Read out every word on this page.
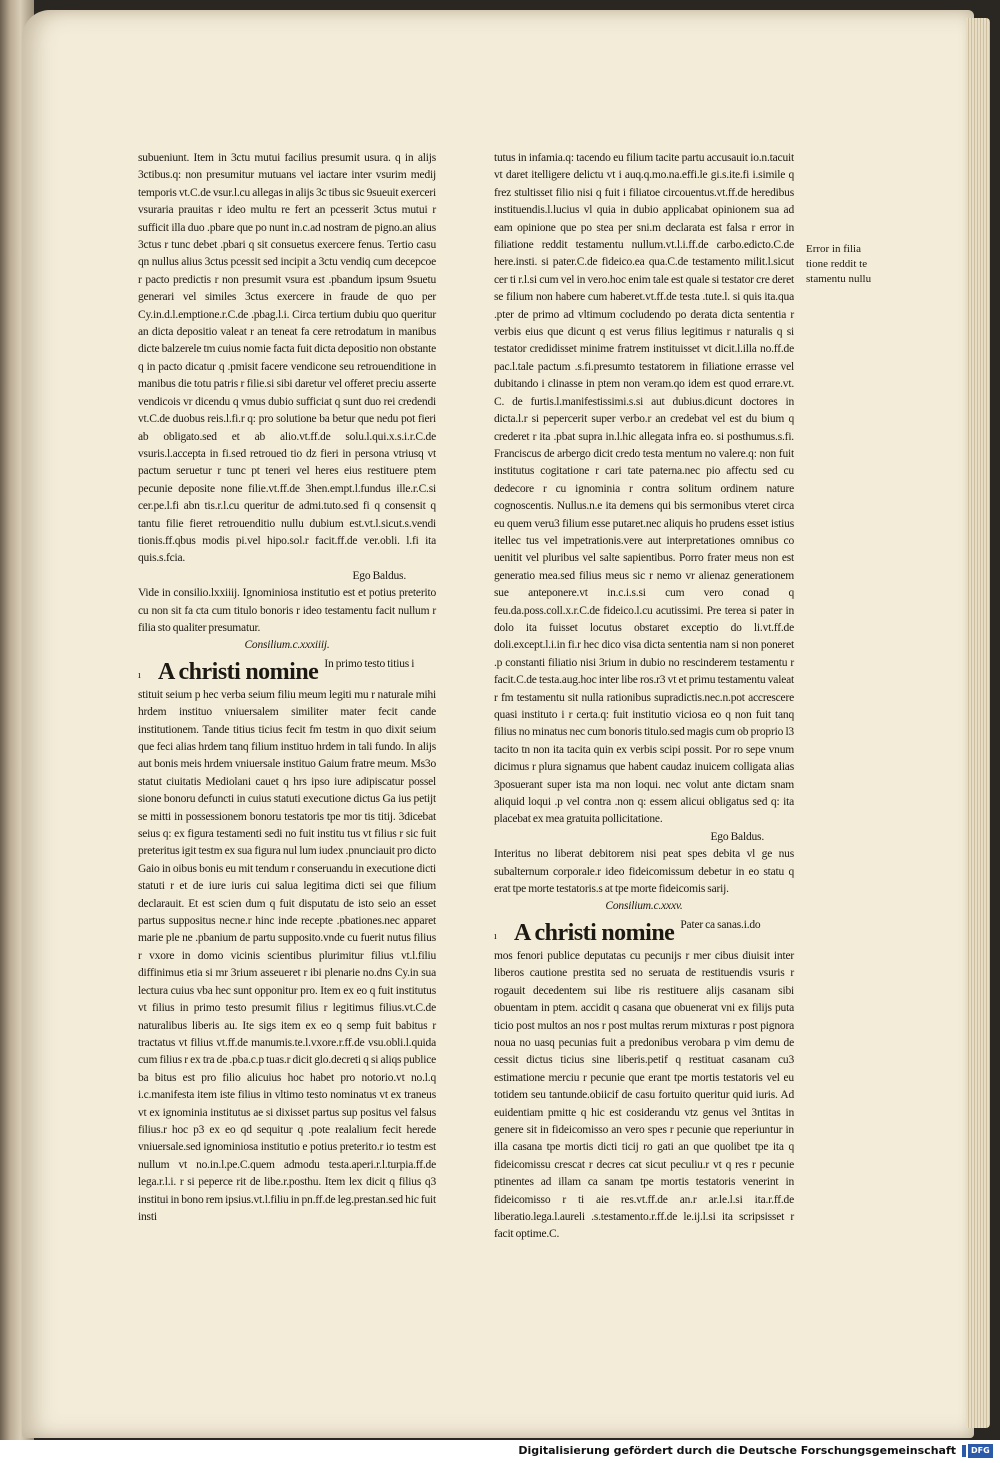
subueniunt. Item in 3ctu mutui facilius presumit usura. q in alijs 3ctibus.q: non presumitur mutuans vel iactare inter vsurim medij temporis vt.C.de vsur.l.cu allegas in alijs 3c tibus sic 9sueuit exerceri vsuraria prauitas r ideo multu re fert an pcesserit 3ctus mutui r sufficit illa duo .pbare que po nunt in.c.ad nostram de pigno.an alius 3ctus r tunc debet .pbari q sit consuetus exercere fenus. Tertio casu qn nullus alius 3ctus pcessit sed incipit a 3ctu vendiq cum decepcoe r pacto predictis r non presumit vsura est .pbandum ipsum 9suetu generari vel similes 3ctus exercere in fraude de quo per Cy.in.d.l.emptione.r.C.de .pbag.l.i. Circa tertium dubiu quo queritur an dicta depositio valeat r an teneat fa cere retrodatum in manibus dicte balzerele tm cuius nomie facta fuit dicta depositio non obstante q in pacto dicatur q .pmisit facere vendicone seu retrouenditione in manibus die totu patris r filie.si sibi daretur vel offeret preciu asserte vendicois vr dicendu q vmus dubio sufficiat q sunt duo rei credendi vt.C.de duobus reis.l.fi.r q: pro solutione ba betur que nedu pot fieri ab obligato.sed et ab alio.vt.ff.de solu.l.qui.x.s.i.r.C.de vsuris.l.accepta in fi.sed retroued tio dz fieri in persona vtriusq vt pactum seruetur r tunc pt teneri vel heres eius restituere ptem pecunie deposite none filie.vt.ff.de 3hen.empt.l.fundus ille.r.C.si cer.pe.l.fi abn tis.r.l.cu queritur de admi.tuto.sed fi q consensit q tantu filie fieret retrouenditio nullu dubium est.vt.l.sicut.s.vendi tionis.ff.qbus modis pi.vel hipo.sol.r facit.ff.de ver.obli. l.fi ita quis.s.fcia.

Ego Baldus.

Vide in consilio.lxxiiij. Ignominiosa institutio est et potius preterito cu non sit fa cta cum titulo bonoris r ideo testamentu facit nullum r filia sto qualiter presumatur.

Consilium.c.xxxiiij.
ı A christi nomine In primo testo titius i

stituit seium p hec verba seium filiu meum legiti mu r naturale mihi hrdem instituo vniuersalem similiter mater fecit cande institutionem. Tande titius ticius fecit fm testm in quo dixit seium que feci alias hrdem tanq filium instituo hrdem in tali fundo. In alijs aut bonis meis hrdem vniuersale instituo Gaium fratre meum. Ms3o statut ciuitatis Mediolani cauet q hrs ipso iure adipiscatur possel sione bonoru defuncti in cuius statuti executione dictus Ga ius petijt se mitti in possessionem bonoru testatoris tpe mor tis titij. 3dicebat seius q: ex figura testamenti sedi no fuit institu tus vt filius r sic fuit preteritus igit testm ex sua figura nul lum iudex .pnunciauit pro dicto Gaio in oibus bonis eu mit tendum r conseruandu in executione dicti statuti r et de iure iuris cui salua legitima dicti sei que filium declarauit. Et est scien dum q fuit disputatu de isto seio an esset partus suppositus necne.r hinc inde recepte .pbationes.nec apparet marie ple ne .pbanium de partu supposito.vnde cu fuerit nutus filius r vxore in domo vicinis scientibus plurimitur filius vt.l.filiu diffinimus etia si mr 3rium asseueret r ibi plenarie no.dns Cy.in sua lectura cuius vba hec sunt opponitur pro. Item ex eo q fuit institutus vt filius in primo testo presumit filius r legitimus filius.vt.C.de naturalibus liberis au. Ite sigs item ex eo q semp fuit babitus r tractatus vt filius vt.ff.de manumis.te.l.vxore.r.ff.de vsu.obli.l.quida cum filius r ex tra de .pba.c.p tuas.r dicit glo.decreti q si aliqs publice ba bitus est pro filio alicuius hoc habet pro notorio.vt no.l.q i.c.manifesta item iste filius in vltimo testo nominatus vt ex traneus vt ex ignominia institutus ae si dixisset partus sup positus vel falsus filius.r hoc p3 ex eo qd sequitur q .pote realalium fecit herede vniuersale.sed ignominiosa institutio e potius preterito.r io testm est nullum vt no.in.l.pe.C.quem admodu testa.aperi.r.l.turpia.ff.de lega.r.l.i. r si peperce rit de libe.r.posthu. Item lex dicit q filius q3 institui in bono rem ipsius.vt.l.filiu in pn.ff.de leg.prestan.sed hic fuit insti

tutus in infamia.q: tacendo eu filium tacite partu accusauit io.n.tacuit vt daret itelligere delictu vt i auq.q.mo.na.effi.le gi.s.ite.fi i.simile q frez stultisset filio nisi q fuit i filiatoe circouentus.vt.ff.de heredibus instituendis.l.lucius vl quia in dubio applicabat opinionem sua ad eam opinione que po stea per sni.m declarata est falsa r error in filiatione reddit testamentu nullum.vt.l.i.ff.de carbo.edicto.C.de here.insti. si pater.C.de fideico.ea qua.C.de testamento milit.l.sicut cer ti r.l.si cum vel in vero.hoc enim tale est quale si testator cre deret se filium non habere cum haberet.vt.ff.de testa .tute.l. si quis ita.qua .pter de primo ad vltimum cocludendo po derata dicta sententia r verbis eius que dicunt q est verus filius legitimus r naturalis q si testator credidisset minime fratrem instituisset vt dicit.l.illa no.ff.de pac.l.tale pactum .s.fi.presumto testatorem in filiatione errasse vel dubitando i clinasse in ptem non veram.qo idem est quod errare.vt. C. de furtis.l.manifestissimi.s.si aut dubius.dicunt doctores in dicta.l.r si pepercerit super verbo.r an credebat vel est du bium q crederet r ita .pbat supra in.l.hic allegata infra eo. si posthumus.s.fi. Franciscus de arbergo dicit credo testa mentum no valere.q: non fuit institutus cogitatione r cari tate paterna.nec pio affectu sed cu dedecore r cu ignominia r contra solitum ordinem nature cognoscentis. Nullus.n.e ita demens qui bis sermonibus vteret circa eu quem veru3 filium esse putaret.nec aliquis ho prudens esset istius itellec tus vel impetrationis.vere aut interpretationes omnibus co uenitit vel pluribus vel salte sapientibus. Porro frater meus non est generatio mea.sed filius meus sic r nemo vr alienaz generationem sue anteponere.vt in.c.i.s.si cum vero conad q feu.da.poss.coll.x.r.C.de fideico.l.cu acutissimi. Pre terea si pater in dolo ita fuisset locutus obstaret exceptio do li.vt.ff.de doli.except.l.i.in fi.r hec dico visa dicta sententia nam si non poneret .p constanti filiatio nisi 3rium in dubio no rescinderem testamentu r facit.C.de testa.aug.hoc inter libe ros.r3 vt et primu testamentu valeat r fm testamentu sit nulla rationibus supradictis.nec.n.pot accrescere quasi instituto i r certa.q: fuit institutio viciosa eo q non fuit tanq filius no minatus nec cum bonoris titulo.sed magis cum ob proprio l3 tacito tn non ita tacita quin ex verbis scipi possit. Por ro sepe vnum dicimus r plura signamus que habent caudaz inuicem colligata alias 3posuerant super ista ma non loqui. nec volut ante dictam snam aliquid loqui .p vel contra .non q: essem alicui obligatus sed q: ita placebat ex mea gratuita pollicitatione.

Ego Baldus.

Interitus no liberat debitorem nisi peat spes debita vl ge nus subalternum corporale.r ideo fideicomissum debetur in eo statu q erat tpe morte testatoris.s at tpe morte fideicomis sarij.

Consilium.c.xxxv.
ı A christi nomine Pater ca sanas.i.do

mos fenori publice deputatas cu pecunijs r mer cibus diuisit inter liberos cautione prestita sed no seruata de restituendis vsuris r rogauit decedentem sui libe ris restituere alijs casanam sibi obuentam in ptem. accidit q casana que obuenerat vni ex filijs puta ticio post multos an nos r post multas rerum mixturas r post pignora noua no uasq pecunias fuit a predonibus verobara p vim demu de cessit dictus ticius sine liberis.petif q restituat casanam cu3 estimatione merciu r pecunie que erant tpe mortis testatoris vel eu totidem seu tantunde.obiicif de casu fortuito queritur quid iuris. Ad euidentiam pmitte q hic est cosiderandu vtz genus vel 3ntitas in genere sit in fideicomisso an vero spes r pecunie que reperiuntur in illa casana tpe mortis dicti ticij ro gati an que quolibet tpe ita q fideicomissu crescat r decres cat sicut peculiu.r vt q res r pecunie ptinentes ad illam ca sanam tpe mortis testatoris venerint in fideicomisso r ti aie res.vt.ff.de an.r ar.le.l.si ita.r.ff.de liberatio.lega.l.aureli .s.testamento.r.ff.de le.ij.l.si ita scripsisset r facit optime.C.

Error in filia
tione reddit te
stamentu nullu
Digitalisierung gefördert durch die Deutsche Forschungsgemeinschaft	DFG
